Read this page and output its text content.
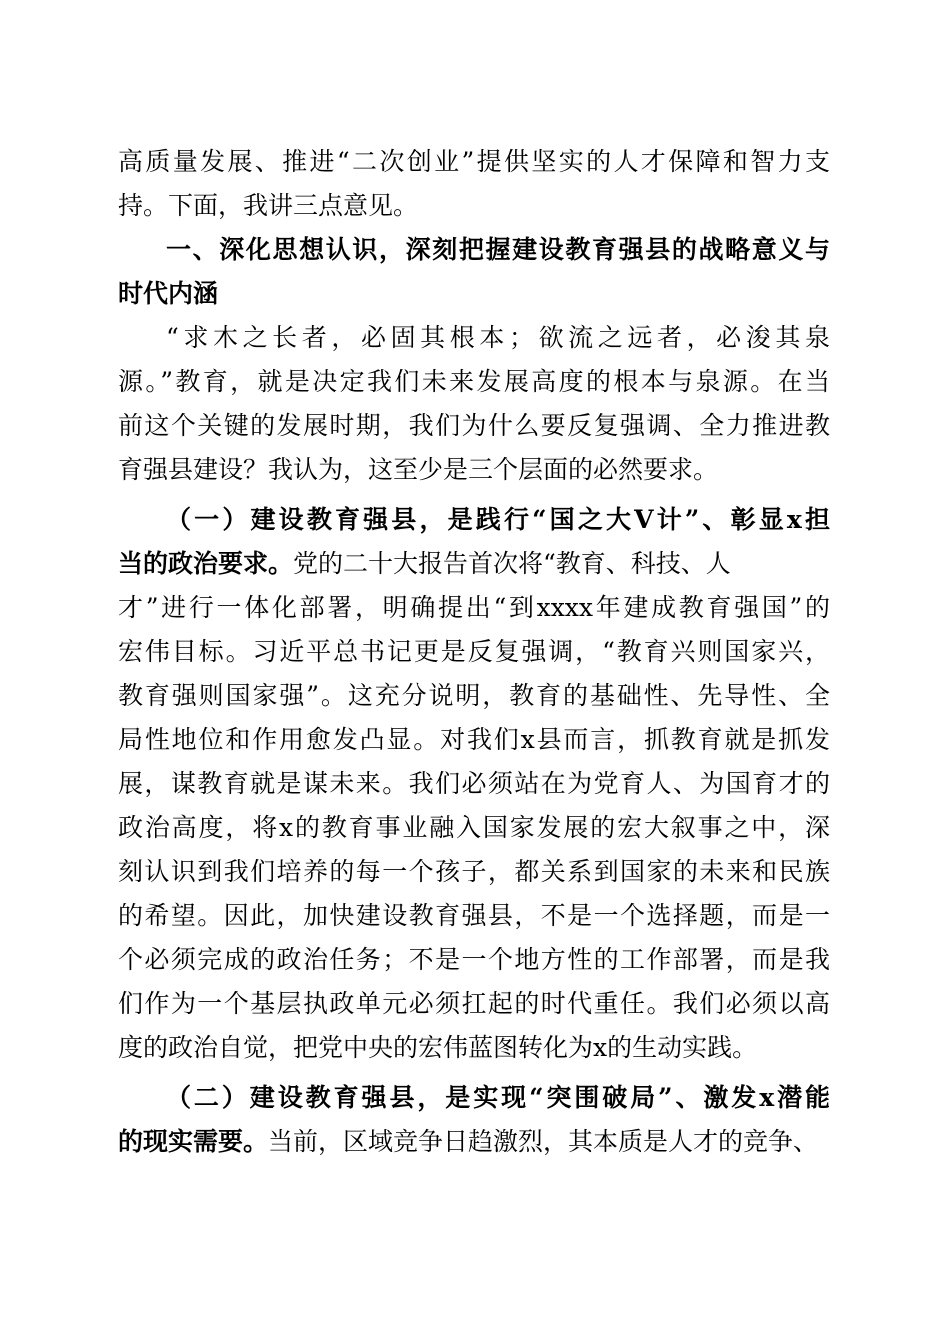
高质量发展、推进“二次创业”提供坚实的人才保障和智力支
持。下面，我讲三点意见。
一、深化思想认识，深刻把握建设教育强县的战略意义与
时代内涵
“求木之长者，必固其根本；欲流之远者，必浚其泉
源。”教育，就是决定我们未来发展高度的根本与泉源。在当
前这个关键的发展时期，我们为什么要反复强调、全力推进教
育强县建设？我认为，这至少是三个层面的必然要求。
（一）建设教育强县，是践行“国之大Ⅴ计”、彰显x担
当的政治要求。党的二十大报告首次将“教育、科技、人
才”进行一体化部署，明确提出“到xxxx年建成教育强国”的
宏伟目标。习近平总书记更是反复强调，“教育兴则国家兴，
教育强则国家强”。这充分说明，教育的基础性、先导性、全
局性地位和作用愈发凸显。对我们x县而言，抓教育就是抓发
展，谋教育就是谋未来。我们必须站在为党育人、为国育才的
政治高度，将x的教育事业融入国家发展的宏大叙事之中，深
刻认识到我们培养的每一个孩子，都关系到国家的未来和民族
的希望。因此，加快建设教育强县，不是一个选择题，而是一
个必须完成的政治任务；不是一个地方性的工作部署，而是我
们作为一个基层执政单元必须扛起的时代重任。我们必须以高
度的政治自觉，把党中央的宏伟蓝图转化为x的生动实践。
（二）建设教育强县，是实现“突围破局”、激发x潜能
的现实需要。当前，区域竞争日趋激烈，其本质是人才的竞争、
